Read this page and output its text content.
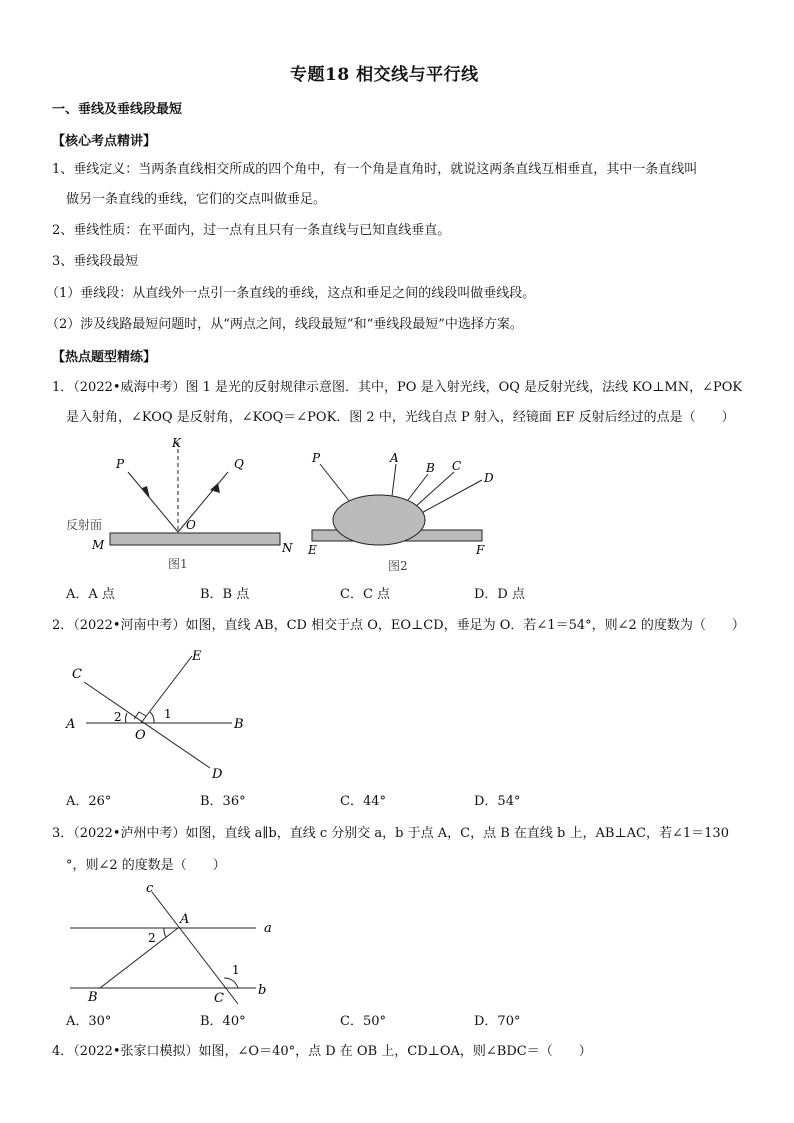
专题18 相交线与平行线
一、垂线及垂线段最短
【核心考点精讲】
1、垂线定义：当两条直线相交所成的四个角中，有一个角是直角时，就说这两条直线互相垂直，其中一条直线叫
做另一条直线的垂线，它们的交点叫做垂足。
2、垂线性质：在平面内，过一点有且只有一条直线与已知直线垂直。
3、垂线段最短
（1）垂线段：从直线外一点引一条直线的垂线，这点和垂足之间的线段叫做垂线段。
（2）涉及线路最短问题时，从“两点之间，线段最短”和“垂线段最短”中选择方案。
【热点题型精练】
1．（2022•威海中考）图 1 是光的反射规律示意图．其中，PO 是入射光线，OQ 是反射光线，法线 KO⊥MN，∠POK
是入射角，∠KOQ 是反射角，∠KOQ＝∠POK．图 2 中，光线自点 P 射入，经镜面 EF 反射后经过的点是（　　）
K
P	Q
O
反射面
M	N
图1
P	A
B C
D
E	F
图2
A．A 点	B．B 点	C．C 点	D．D 点
2．（2022•河南中考）如图，直线 AB，CD 相交于点 O，EO⊥CD，垂足为 O．若∠1＝54°，则∠2 的度数为（　　）
C
E
A	B
O
D
1
2
A．26°	B．36°	C．44°	D．54°
3．（2022•泸州中考）如图，直线 a∥b，直线 c 分别交 a，b 于点 A，C，点 B 在直线 b 上，AB⊥AC，若∠1＝130
°，则∠2 的度数是（　　）
c
A
a
2
1
B	C
b
A．30°	B．40°	C．50°	D．70°
4．（2022•张家口模拟）如图，∠O＝40°，点 D 在 OB 上，CD⊥OA，则∠BDC＝（　　）
